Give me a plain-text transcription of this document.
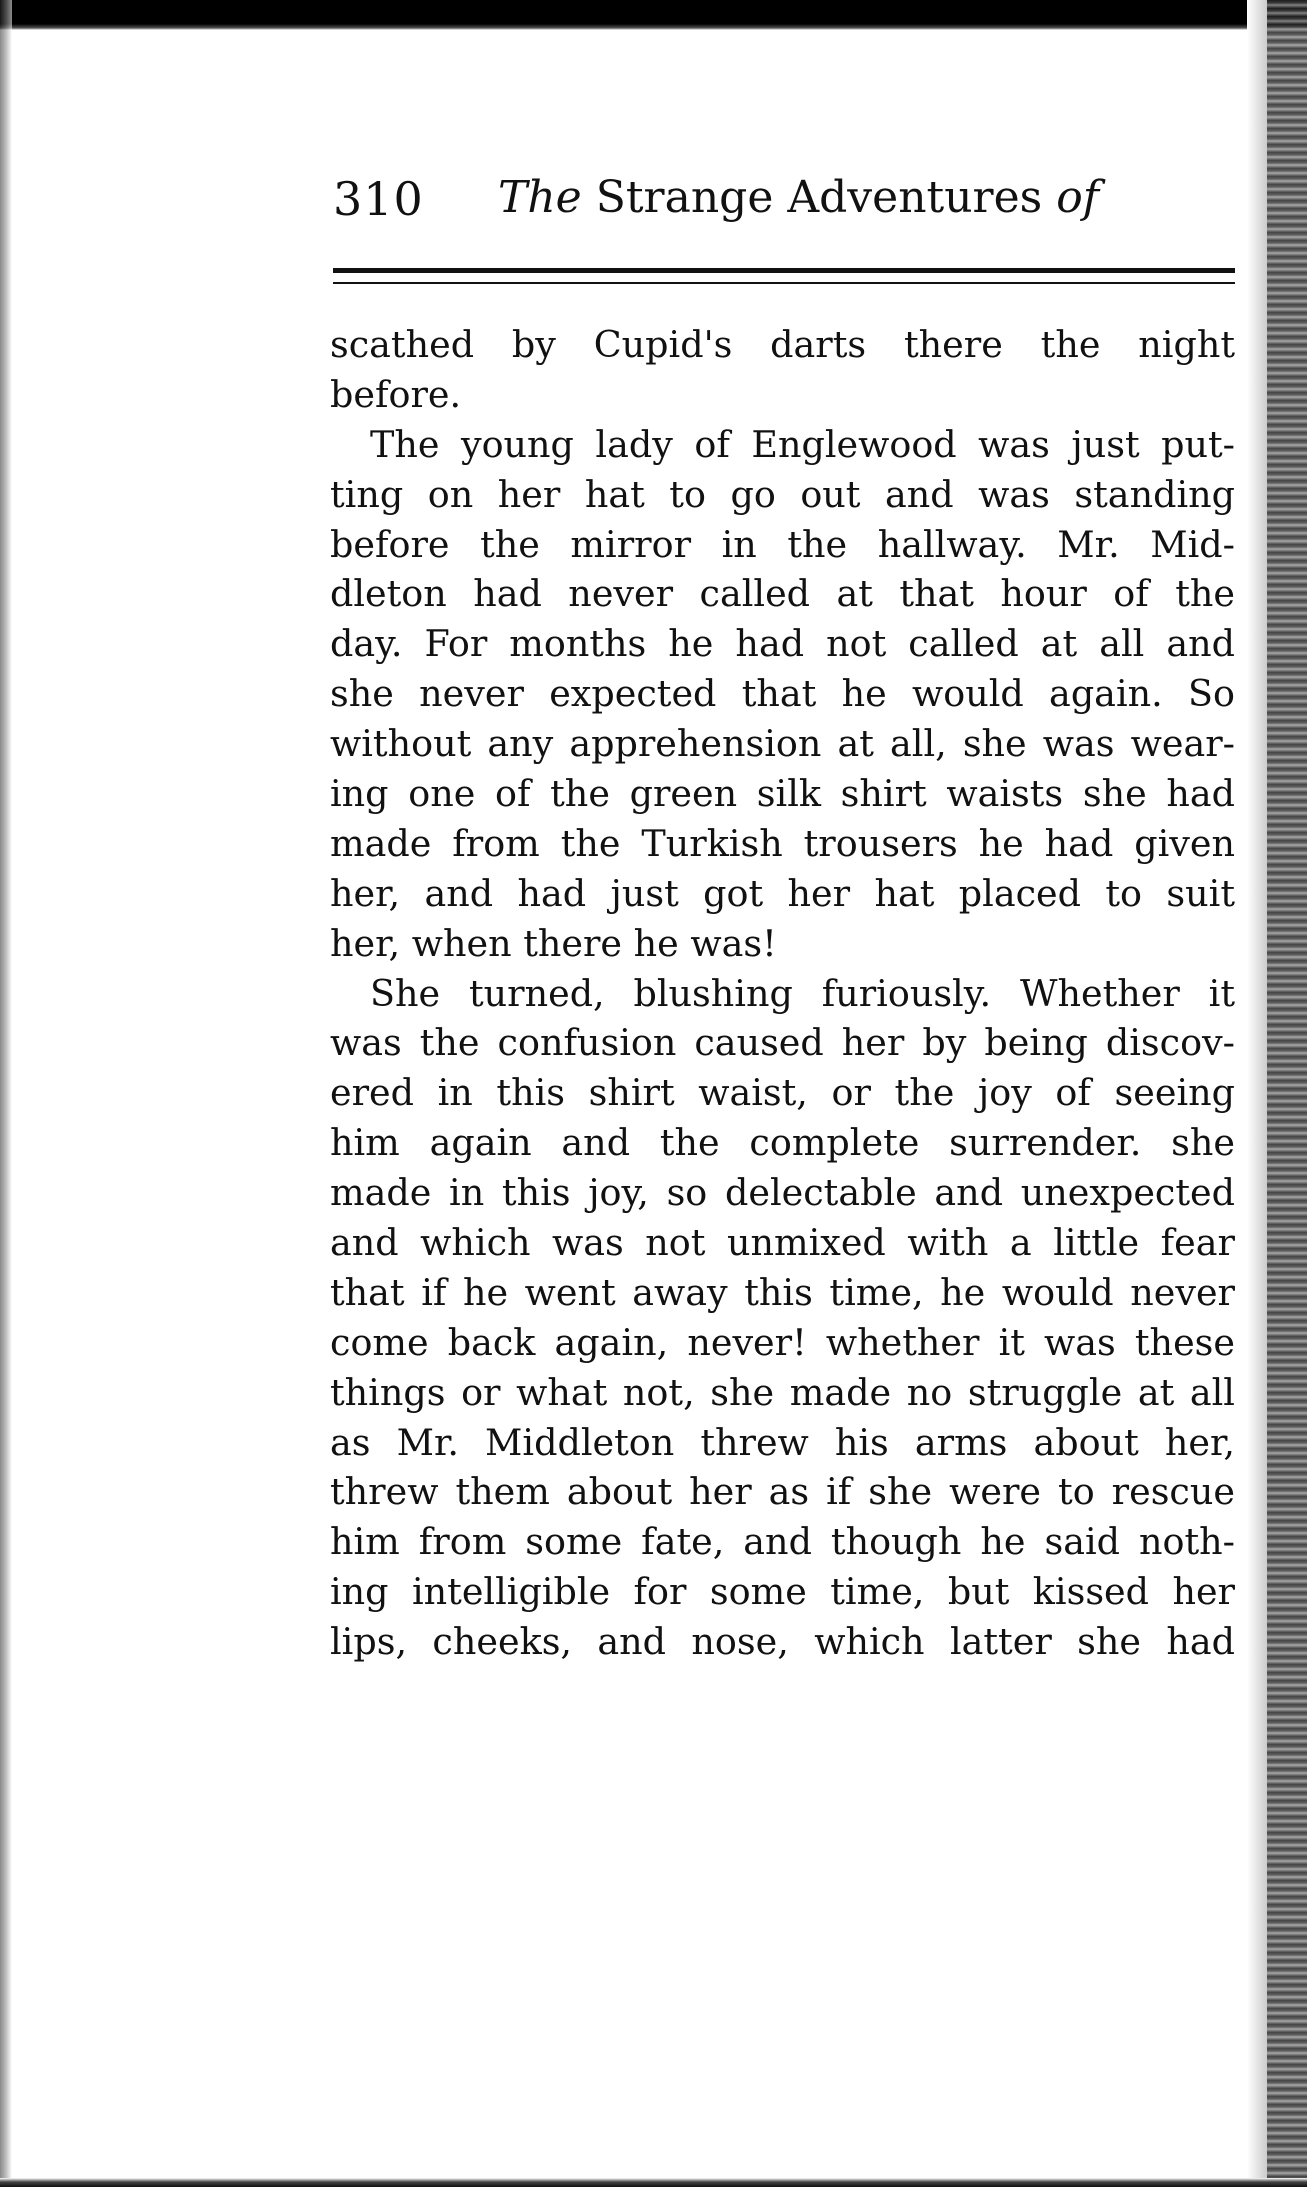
310 The Strange Adventures of
scathed by Cupid's darts there the night
before.
The young lady of Englewood was just put-
ting on her hat to go out and was standing
before the mirror in the hallway. Mr. Mid-
dleton had never called at that hour of the
day. For months he had not called at all and
she never expected that he would again. So
without any apprehension at all, she was wear-
ing one of the green silk shirt waists she had
made from the Turkish trousers he had given
her, and had just got her hat placed to suit
her, when there he was!
She turned, blushing furiously. Whether it
was the confusion caused her by being discov-
ered in this shirt waist, or the joy of seeing
him again and the complete surrender. she
made in this joy, so delectable and unexpected
and which was not unmixed with a little fear
that if he went away this time, he would never
come back again, never! whether it was these
things or what not, she made no struggle at all
as Mr. Middleton threw his arms about her,
threw them about her as if she were to rescue
him from some fate, and though he said noth-
ing intelligible for some time, but kissed her
lips, cheeks, and nose, which latter she had
